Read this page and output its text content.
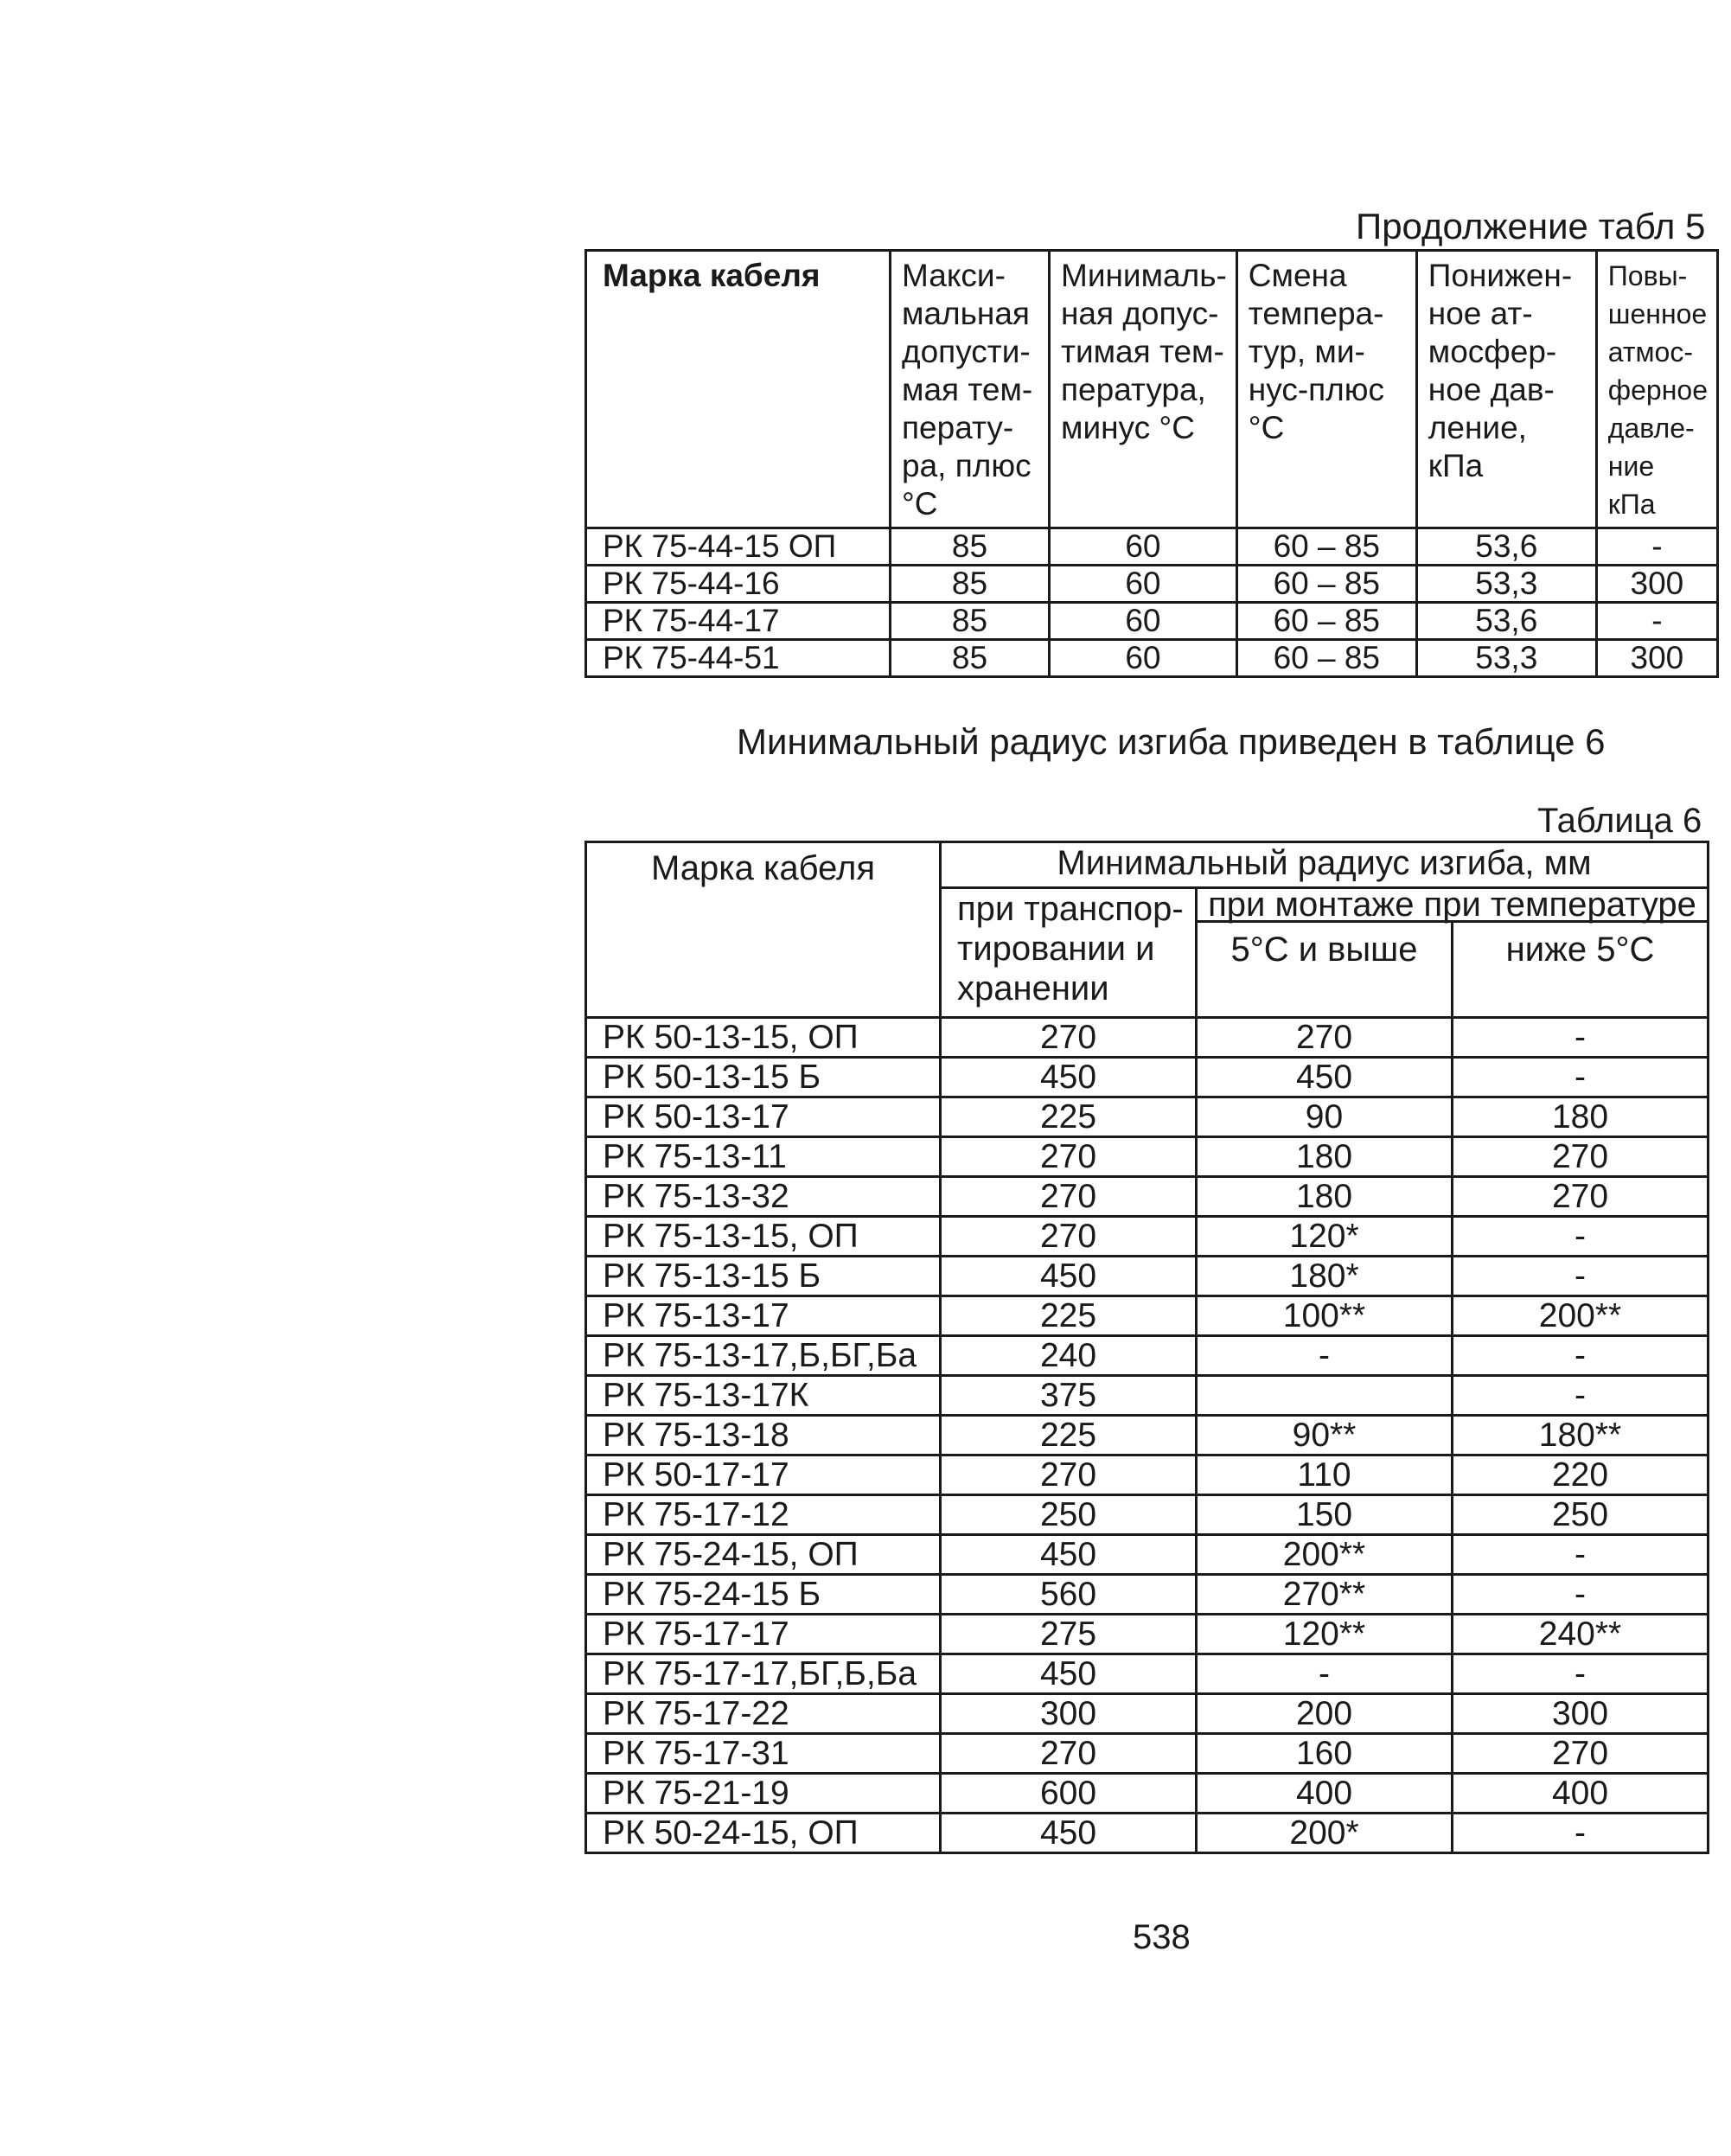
Продолжение табл 5
Марка кабеля	Макси-мальная допусти-мая тем-перату-ра, плюс °С	Минималь-ная допус-тимая тем-пература, минус °С	Смена темпера-тур, ми-нус-плюс °С	Понижен-ное ат-мосфер-ное дав-ление, кПа	Повы-шенное атмос-ферное давле-ние кПа
РК 75-44-15 ОП	85	60	60 – 85	53,6	-
РК 75-44-16	85	60	60 – 85	53,3	300
РК 75-44-17	85	60	60 – 85	53,6	-
РК 75-44-51	85	60	60 – 85	53,3	300
Минимальный радиус изгиба приведен в таблице 6
Таблица 6
Марка кабеля	Минимальный радиус изгиба, мм		
	при транспор-тировании и хранении	при монтаже при температуре	
		5°С и выше	ниже 5°С
РК 50-13-15, ОП	270	270	-
РК 50-13-15 Б	450	450	-
РК 50-13-17	225	90	180
РК 75-13-11	270	180	270
РК 75-13-32	270	180	270
РК 75-13-15, ОП	270	120*	-
РК 75-13-15 Б	450	180*	-
РК 75-13-17	225	100**	200**
РК 75-13-17,Б,БГ,Ба	240	-	-
РК 75-13-17К	375		-
РК 75-13-18	225	90**	180**
РК 50-17-17	270	110	220
РК 75-17-12	250	150	250
РК 75-24-15, ОП	450	200**	-
РК 75-24-15 Б	560	270**	-
РК 75-17-17	275	120**	240**
РК 75-17-17,БГ,Б,Ба	450	-	-
РК 75-17-22	300	200	300
РК 75-17-31	270	160	270
РК 75-21-19	600	400	400
РК 50-24-15, ОП	450	200*	-
538
